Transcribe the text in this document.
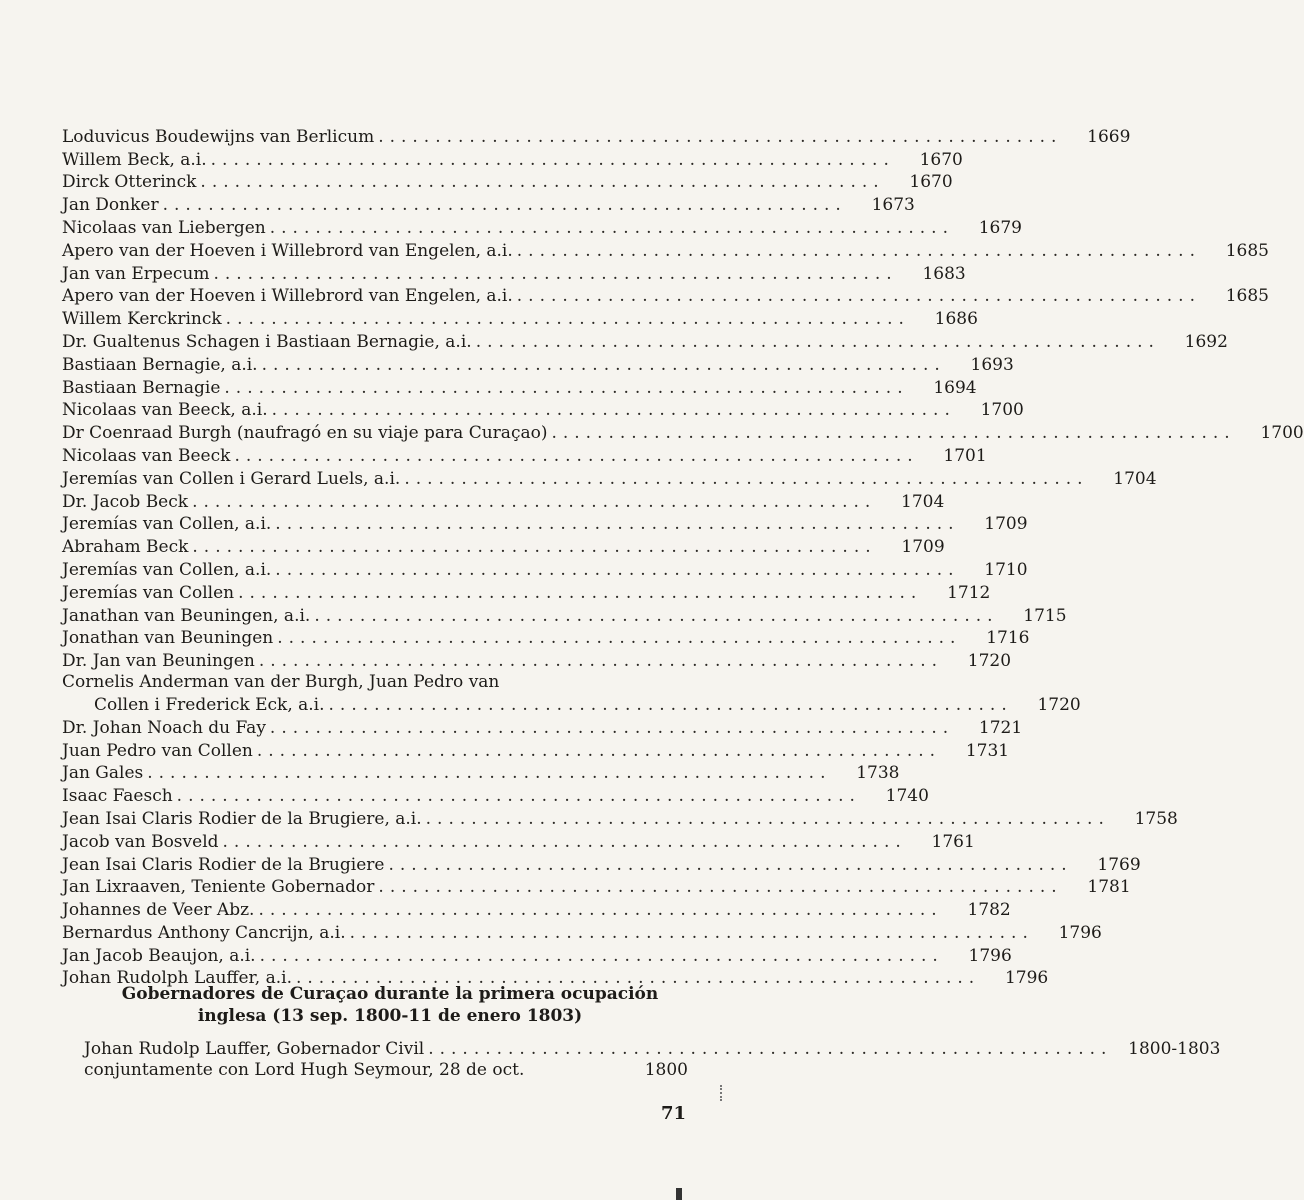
Loduvicus Boudewijns van Berlicum ............................................................	1669
Willem Beck, a.i. ............................................................	1670
Dirck Otterinck ............................................................	1670
Jan Donker ............................................................	1673
Nicolaas van Liebergen ............................................................	1679
Apero van der Hoeven i Willebrord van Engelen, a.i. ............................................................	1685
Jan van Erpecum ............................................................	1683
Apero van der Hoeven i Willebrord van Engelen, a.i. ............................................................	1685
Willem Kerckrinck ............................................................	1686
Dr. Gualtenus Schagen i Bastiaan Bernagie, a.i. ............................................................	1692
Bastiaan Bernagie, a.i. ............................................................	1693
Bastiaan Bernagie ............................................................	1694
Nicolaas van Beeck, a.i. ............................................................	1700
Dr Coenraad Burgh (naufragó en su viaje para Curaçao) ............................................................	1700
Nicolaas van Beeck ............................................................	1701
Jeremías van Collen i Gerard Luels, a.i. ............................................................	1704
Dr. Jacob Beck ............................................................	1704
Jeremías van Collen, a.i. ............................................................	1709
Abraham Beck ............................................................	1709
Jeremías van Collen, a.i. ............................................................	1710
Jeremías van Collen ............................................................	1712
Janathan van Beuningen, a.i. ............................................................	1715
Jonathan van Beuningen ............................................................	1716
Dr. Jan van Beuningen ............................................................	1720
Cornelis Anderman van der Burgh, Juan Pedro van
Collen i Frederick Eck, a.i. ............................................................	1720
Dr. Johan Noach du Fay ............................................................	1721
Juan Pedro van Collen ............................................................	1731
Jan Gales ............................................................	1738
Isaac Faesch ............................................................	1740
Jean Isai Claris Rodier de la Brugiere, a.i. ............................................................	1758
Jacob van Bosveld ............................................................	1761
Jean Isai Claris Rodier de la Brugiere ............................................................	1769
Jan Lixraaven, Teniente Gobernador ............................................................	1781
Johannes de Veer Abz. ............................................................	1782
Bernardus Anthony Cancrijn, a.i. ............................................................	1796
Jan Jacob Beaujon, a.i. ............................................................	1796
Johan Rudolph Lauffer, a.i. ............................................................	1796
Gobernadores de Curaçao durante la primera ocupación
inglesa (13 sep. 1800-11 de enero 1803)
Johan Rudolp Lauffer, Gobernador Civil ............................................................ 1800-1803
conjuntamente con Lord Hugh Seymour, 28 de oct.	1800
71
